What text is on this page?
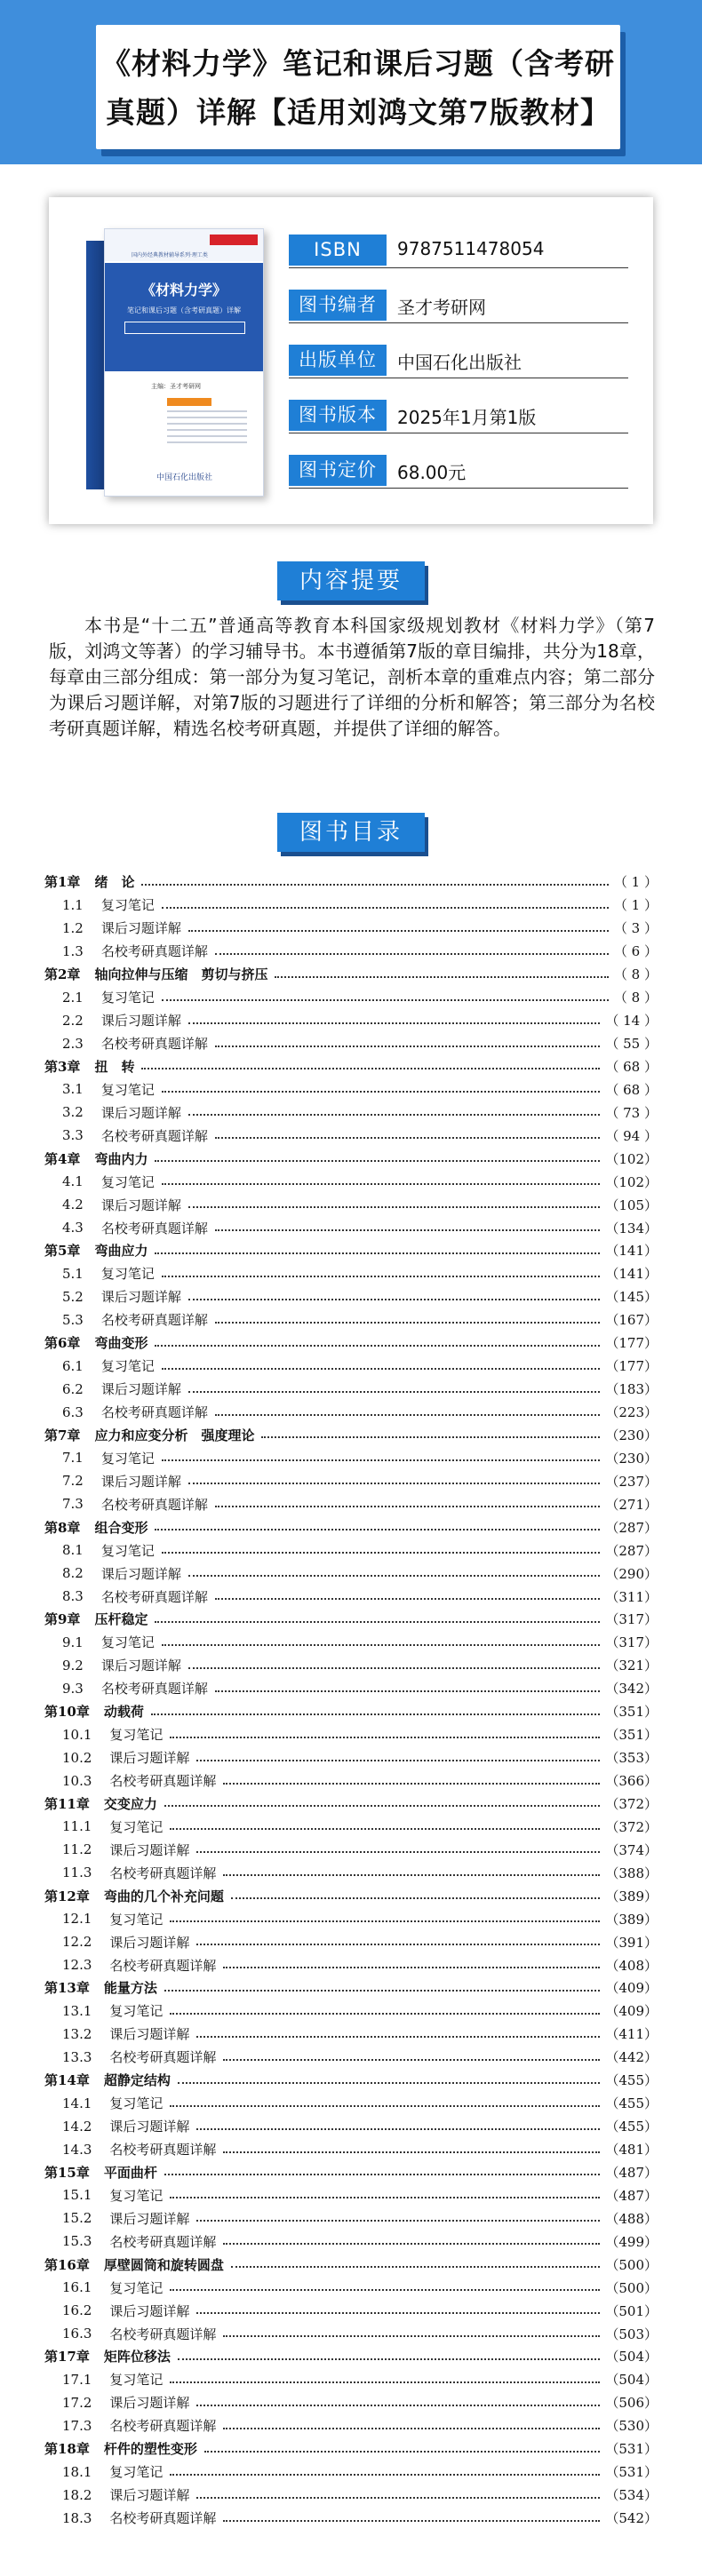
《材料力学》笔记和课后习题（含考研
真题）详解【适用刘鸿文第7版教材】
国内外经典教材辅导系列·理工类
《材料力学》
笔记和课后习题（含考研真题）详解
主编：圣才考研网
中国石化出版社
ISBN	9787511478054
图书编者	圣才考研网
出版单位	中国石化出版社
图书版本	2025年1月第1版
图书定价	68.00元
内容提要
本书是“十二五”普通高等教育本科国家级规划教材《材料力学》（第7版，刘鸿文等著）的学习辅导书。本书遵循第7版的章目编排，共分为18章，每章由三部分组成：第一部分为复习笔记，剖析本章的重难点内容；第二部分为课后习题详解，对第7版的习题进行了详细的分析和解答；第三部分为名校考研真题详解，精选名校考研真题，并提供了详细的解答。
图书目录
第1章 绪　论	（ 1 ）
1.1 复习笔记	（ 1 ）
1.2 课后习题详解	（ 3 ）
1.3 名校考研真题详解	（ 6 ）
第2章 轴向拉伸与压缩　剪切与挤压	（ 8 ）
2.1 复习笔记	（ 8 ）
2.2 课后习题详解	（ 14 ）
2.3 名校考研真题详解	（ 55 ）
第3章 扭　转	（ 68 ）
3.1 复习笔记	（ 68 ）
3.2 课后习题详解	（ 73 ）
3.3 名校考研真题详解	（ 94 ）
第4章 弯曲内力	（102）
4.1 复习笔记	（102）
4.2 课后习题详解	（105）
4.3 名校考研真题详解	（134）
第5章 弯曲应力	（141）
5.1 复习笔记	（141）
5.2 课后习题详解	（145）
5.3 名校考研真题详解	（167）
第6章 弯曲变形	（177）
6.1 复习笔记	（177）
6.2 课后习题详解	（183）
6.3 名校考研真题详解	（223）
第7章 应力和应变分析　强度理论	（230）
7.1 复习笔记	（230）
7.2 课后习题详解	（237）
7.3 名校考研真题详解	（271）
第8章 组合变形	（287）
8.1 复习笔记	（287）
8.2 课后习题详解	（290）
8.3 名校考研真题详解	（311）
第9章 压杆稳定	（317）
9.1 复习笔记	（317）
9.2 课后习题详解	（321）
9.3 名校考研真题详解	（342）
第10章 动载荷	（351）
10.1 复习笔记	（351）
10.2 课后习题详解	（353）
10.3 名校考研真题详解	（366）
第11章 交变应力	（372）
11.1 复习笔记	（372）
11.2 课后习题详解	（374）
11.3 名校考研真题详解	（388）
第12章 弯曲的几个补充问题	（389）
12.1 复习笔记	（389）
12.2 课后习题详解	（391）
12.3 名校考研真题详解	（408）
第13章 能量方法	（409）
13.1 复习笔记	（409）
13.2 课后习题详解	（411）
13.3 名校考研真题详解	（442）
第14章 超静定结构	（455）
14.1 复习笔记	（455）
14.2 课后习题详解	（455）
14.3 名校考研真题详解	（481）
第15章 平面曲杆	（487）
15.1 复习笔记	（487）
15.2 课后习题详解	（488）
15.3 名校考研真题详解	（499）
第16章 厚壁圆筒和旋转圆盘	（500）
16.1 复习笔记	（500）
16.2 课后习题详解	（501）
16.3 名校考研真题详解	（503）
第17章 矩阵位移法	（504）
17.1 复习笔记	（504）
17.2 课后习题详解	（506）
17.3 名校考研真题详解	（530）
第18章 杆件的塑性变形	（531）
18.1 复习笔记	（531）
18.2 课后习题详解	（534）
18.3 名校考研真题详解	（542）
